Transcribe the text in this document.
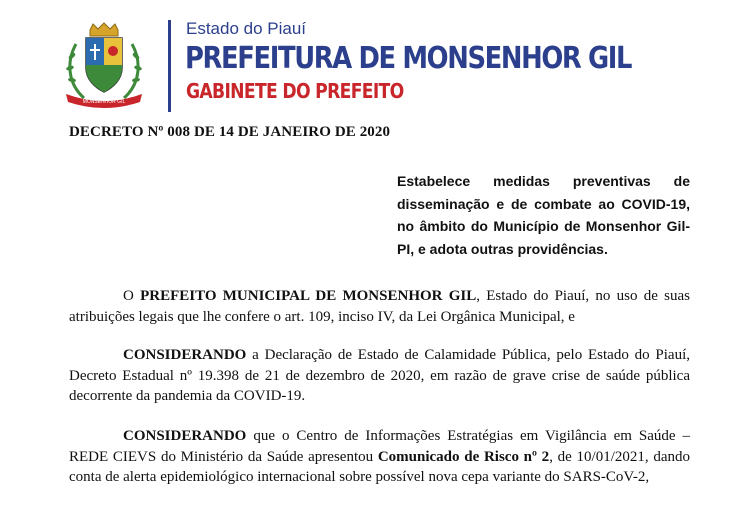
MONSENHOR GIL
Estado do Piauí
PREFEITURA DE MONSENHOR GIL
GABINETE DO PREFEITO
DECRETO Nº 008 DE 14 DE JANEIRO DE 2020
Estabelece medidas preventivas de disseminação e de combate ao COVID-19, no âmbito do Município de Monsenhor Gil-PI, e adota outras providências.
O PREFEITO MUNICIPAL DE MONSENHOR GIL, Estado do Piauí, no uso de suas atribuições legais que lhe confere o art. 109, inciso IV, da Lei Orgânica Municipal, e
CONSIDERANDO a Declaração de Estado de Calamidade Pública, pelo Estado do Piauí, Decreto Estadual nº 19.398 de 21 de dezembro de 2020, em razão de grave crise de saúde pública decorrente da pandemia da COVID-19.
CONSIDERANDO que o Centro de Informações Estratégias em Vigilância em Saúde – REDE CIEVS do Ministério da Saúde apresentou Comunicado de Risco nº 2, de 10/01/2021, dando conta de alerta epidemiológico internacional sobre possível nova cepa variante do SARS-CoV-2,
